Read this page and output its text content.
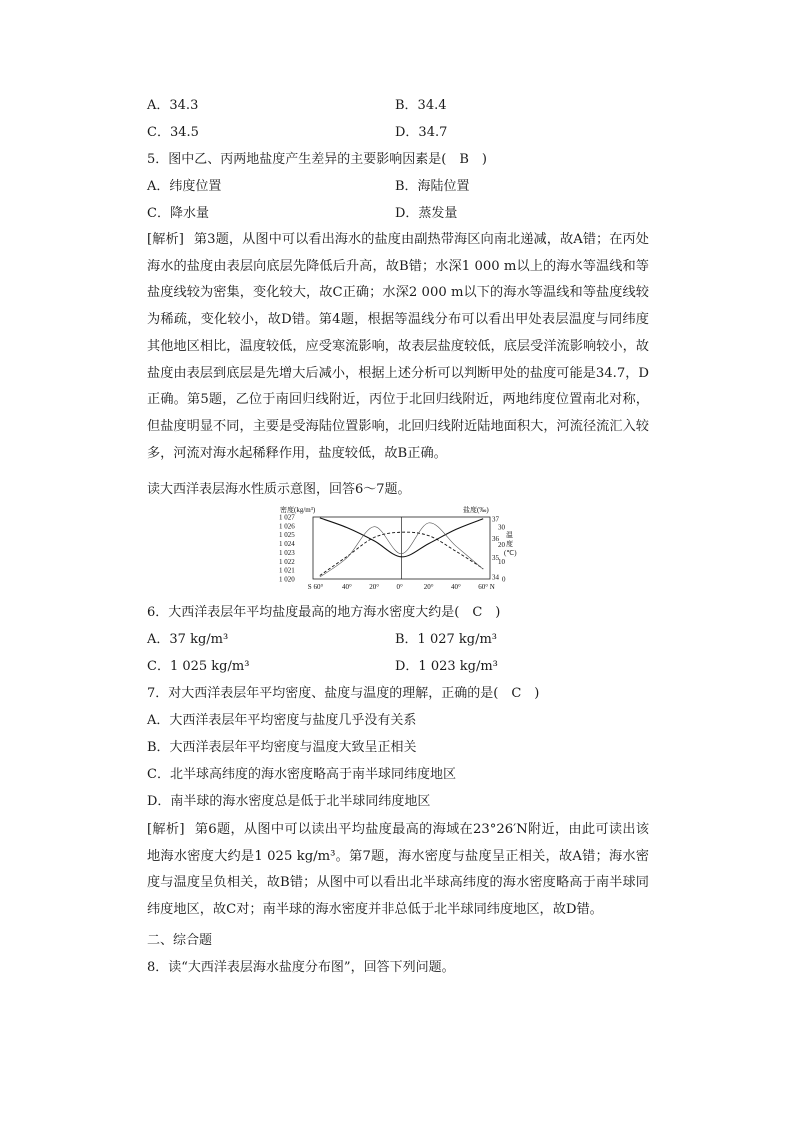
A．34.3	B．34.4
C．34.5	D．34.7
5．图中乙、丙两地盐度产生差异的主要影响因素是(　B　)
A．纬度位置	B．海陆位置
C．降水量	D．蒸发量
[解析] 第3题，从图中可以看出海水的盐度由副热带海区向南北递减，故A错；在丙处海水的盐度由表层向底层先降低后升高，故B错；水深1 000 m以上的海水等温线和等盐度线较为密集，变化较大，故C正确；水深2 000 m以下的海水等温线和等盐度线较为稀疏，变化较小，故D错。第4题，根据等温线分布可以看出甲处表层温度与同纬度其他地区相比，温度较低，应受寒流影响，故表层盐度较低，底层受洋流影响较小，故盐度由表层到底层是先增大后减小，根据上述分析可以判断甲处的盐度可能是34.7，D正确。第5题，乙位于南回归线附近，丙位于北回归线附近，两地纬度位置南北对称，但盐度明显不同，主要是受海陆位置影响，北回归线附近陆地面积大，河流径流汇入较多，河流对海水起稀释作用，盐度较低，故B正确。
读大西洋表层海水性质示意图，回答6～7题。
密度(kg/m³)	盐度(‰)
温
度
(℃)
1 027
1 026
1 025
1 024
1 023
1 022
1 021
1 020
37
36
35
34
30
20
10
0
S 60°	40° 20° 0°	20° 40° 60° N
6．大西洋表层年平均盐度最高的地方海水密度大约是(　C　)
A．37 kg/m³	B．1 027 kg/m³
C．1 025 kg/m³	D．1 023 kg/m³
7．对大西洋表层年平均密度、盐度与温度的理解，正确的是(　C　)
A．大西洋表层年平均密度与盐度几乎没有关系
B．大西洋表层年平均密度与温度大致呈正相关
C．北半球高纬度的海水密度略高于南半球同纬度地区
D．南半球的海水密度总是低于北半球同纬度地区
[解析] 第6题，从图中可以读出平均盐度最高的海域在23°26′N附近，由此可读出该地海水密度大约是1 025 kg/m³。第7题，海水密度与盐度呈正相关，故A错；海水密度与温度呈负相关，故B错；从图中可以看出北半球高纬度的海水密度略高于南半球同纬度地区，故C对；南半球的海水密度并非总低于北半球同纬度地区，故D错。
二、综合题
8．读“大西洋表层海水盐度分布图”，回答下列问题。
